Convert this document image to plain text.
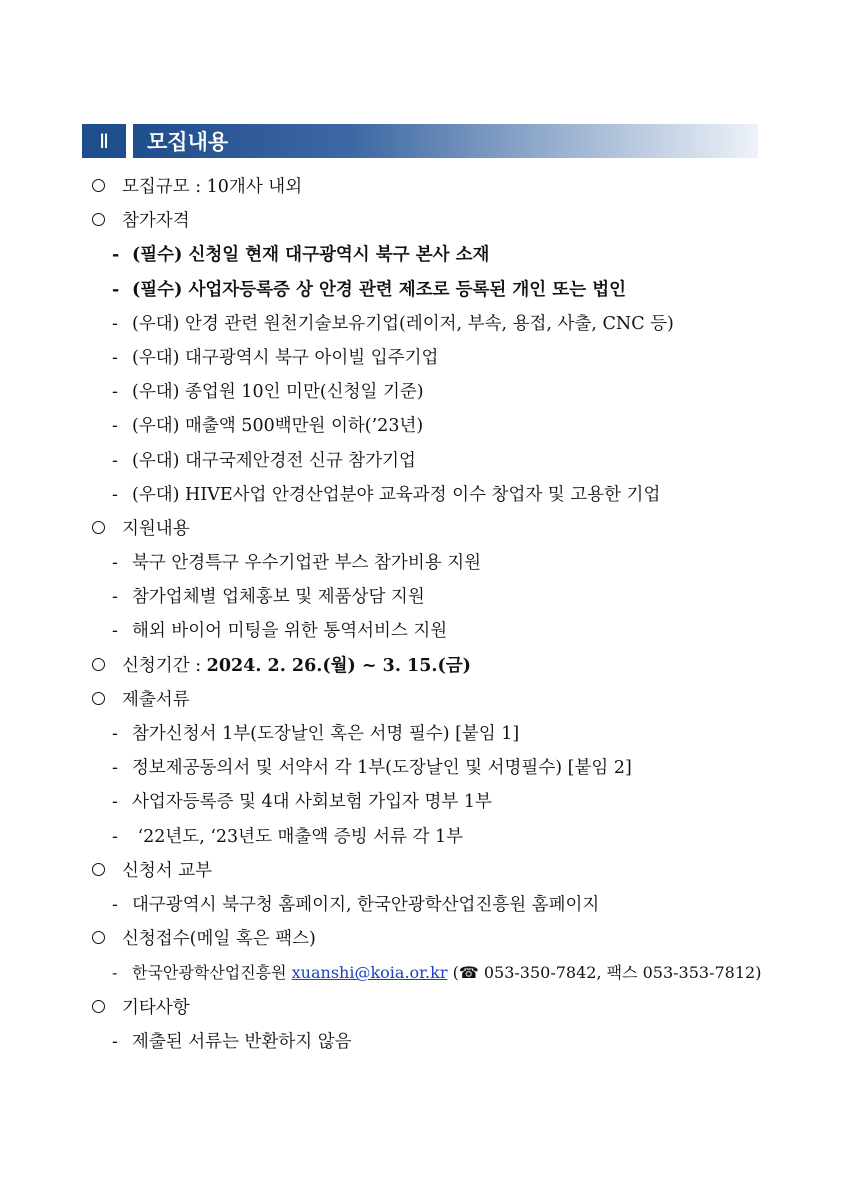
Ⅱ	모집내용
모집규모 : 10개사 내외
참가자격
- (필수) 신청일 현재 대구광역시 북구 본사 소재
- (필수) 사업자등록증 상 안경 관련 제조로 등록된 개인 또는 법인
- (우대) 안경 관련 원천기술보유기업(레이저, 부속, 용접, 사출, CNC 등)
- (우대) 대구광역시 북구 아이빌 입주기업
- (우대) 종업원 10인 미만(신청일 기준)
- (우대) 매출액 500백만원 이하(’23년)
- (우대) 대구국제안경전 신규 참가기업
- (우대) HIVE사업 안경산업분야 교육과정 이수 창업자 및 고용한 기업
지원내용
- 북구 안경특구 우수기업관 부스 참가비용 지원
- 참가업체별 업체홍보 및 제품상담 지원
- 해외 바이어 미팅을 위한 통역서비스 지원
신청기간 : 2024. 2. 26.(월) ~ 3. 15.(금)
제출서류
- 참가신청서 1부(도장날인 혹은 서명 필수) [붙임 1]
- 정보제공동의서 및 서약서 각 1부(도장날인 및 서명필수) [붙임 2]
- 사업자등록증 및 4대 사회보험 가입자 명부 1부
- ‘22년도, ‘23년도 매출액 증빙 서류 각 1부
신청서 교부
- 대구광역시 북구청 홈페이지, 한국안광학산업진흥원 홈페이지
신청접수(메일 혹은 팩스)
- 한국안광학산업진흥원 xuanshi@koia.or.kr (☎ 053-350-7842, 팩스 053-353-7812)
기타사항
- 제출된 서류는 반환하지 않음
